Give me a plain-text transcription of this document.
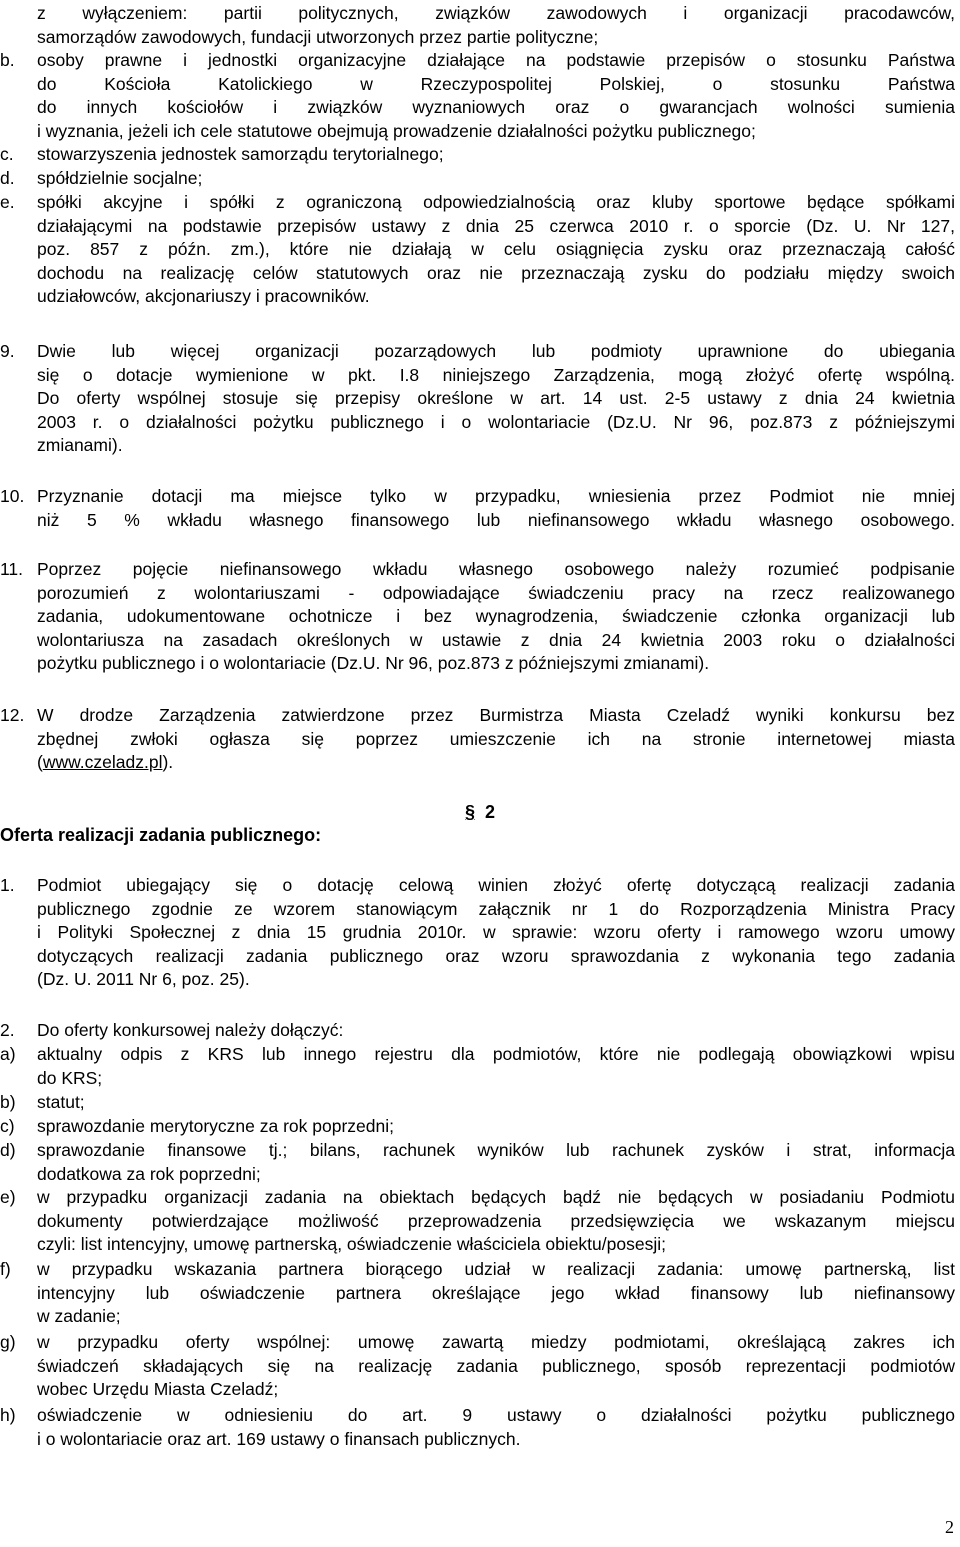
z wyłączeniem: partii politycznych, związków zawodowych i organizacji pracodawców,
samorządów zawodowych, fundacji utworzonych przez partie polityczne;
b.	osoby prawne i jednostki organizacyjne działające na podstawie przepisów o stosunku Państwa
do Kościoła Katolickiego w Rzeczypospolitej Polskiej, o stosunku Państwa
do innych kościołów i związków wyznaniowych oraz o gwarancjach wolności sumienia
i wyznania, jeżeli ich cele statutowe obejmują prowadzenie działalności pożytku publicznego;
c.	stowarzyszenia jednostek samorządu terytorialnego;
d.	spółdzielnie socjalne;
e.	spółki akcyjne i spółki z ograniczoną odpowiedzialnością oraz kluby sportowe będące spółkami
działającymi na podstawie przepisów ustawy z dnia 25 czerwca 2010 r. o sporcie (Dz. U. Nr 127,
poz. 857 z późn. zm.), które nie działają w celu osiągnięcia zysku oraz przeznaczają całość
dochodu na realizację celów statutowych oraz nie przeznaczają zysku do podziału między swoich
udziałowców, akcjonariuszy i pracowników.
9.	Dwie lub więcej organizacji pozarządowych lub podmioty uprawnione do ubiegania
się o dotacje wymienione w pkt. I.8 niniejszego Zarządzenia, mogą złożyć ofertę wspólną.
Do oferty wspólnej stosuje się przepisy określone w art. 14 ust. 2-5 ustawy z dnia 24 kwietnia
2003 r. o działalności pożytku publicznego i o wolontariacie (Dz.U. Nr 96, poz.873 z późniejszymi
zmianami).
10. Przyznanie dotacji ma miejsce tylko w przypadku, wniesienia przez Podmiot nie mniej
niż 5 % wkładu własnego finansowego lub niefinansowego wkładu własnego osobowego.
11. Poprzez pojęcie niefinansowego wkładu własnego osobowego należy rozumieć podpisanie
porozumień z wolontariuszami - odpowiadające świadczeniu pracy na rzecz realizowanego
zadania, udokumentowane ochotnicze i bez wynagrodzenia, świadczenie członka organizacji lub
wolontariusza na zasadach określonych w ustawie z dnia 24 kwietnia 2003 roku o działalności
pożytku publicznego i o wolontariacie (Dz.U. Nr 96, poz.873 z późniejszymi zmianami).
12. W drodze Zarządzenia zatwierdzone przez Burmistrza Miasta Czeladź wyniki konkursu bez
zbędnej zwłoki ogłasza się poprzez umieszczenie ich na stronie internetowej miasta
(www.czeladz.pl).
§ 2
Oferta realizacji zadania publicznego:
1.	Podmiot ubiegający się o dotację celową winien złożyć ofertę dotyczącą realizacji zadania
publicznego zgodnie ze wzorem stanowiącym załącznik nr 1 do Rozporządzenia Ministra Pracy
i Polityki Społecznej z dnia 15 grudnia 2010r. w sprawie: wzoru oferty i ramowego wzoru umowy
dotyczących realizacji zadania publicznego oraz wzoru sprawozdania z wykonania tego zadania
(Dz. U. 2011 Nr 6, poz. 25).
2.	Do oferty konkursowej należy dołączyć:
a)	aktualny odpis z KRS lub innego rejestru dla podmiotów, które nie podlegają obowiązkowi wpisu
do KRS;
b)	statut;
c)	sprawozdanie merytoryczne za rok poprzedni;
d)	sprawozdanie finansowe tj.; bilans, rachunek wyników lub rachunek zysków i strat, informacja
dodatkowa za rok poprzedni;
e)	w przypadku organizacji zadania na obiektach będących bądź nie będących w posiadaniu Podmiotu
dokumenty potwierdzające możliwość przeprowadzenia przedsięwzięcia we wskazanym miejscu
czyli: list intencyjny, umowę partnerską, oświadczenie właściciela obiektu/posesji;
f)	w przypadku wskazania partnera biorącego udział w realizacji zadania: umowę partnerską, list
intencyjny lub oświadczenie partnera określające jego wkład finansowy lub niefinansowy
w zadanie;
g)	w przypadku oferty wspólnej: umowę zawartą miedzy podmiotami, określającą zakres ich
świadczeń składających się na realizację zadania publicznego, sposób reprezentacji podmiotów
wobec Urzędu Miasta Czeladź;
h)	oświadczenie w odniesieniu do art. 9 ustawy o działalności pożytku publicznego
i o wolontariacie oraz art. 169 ustawy o finansach publicznych.
2
